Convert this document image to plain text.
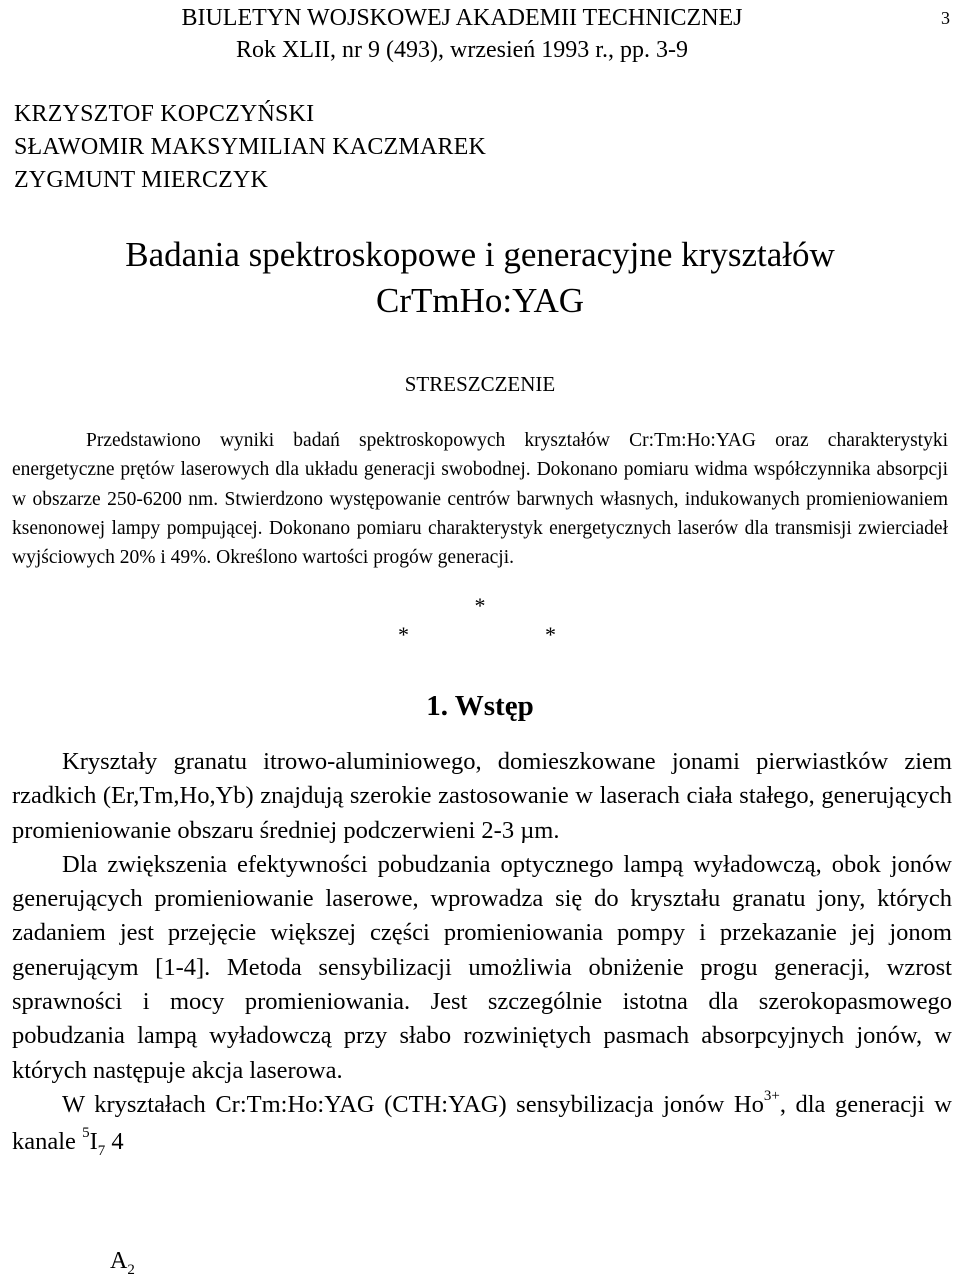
BIULETYN WOJSKOWEJ AKADEMII TECHNICZNEJ
Rok XLII, nr 9 (493), wrzesień 1993 r., pp. 3-9
3
KRZYSZTOF KOPCZYŃSKI
SŁAWOMIR MAKSYMILIAN KACZMAREK
ZYGMUNT MIERCZYK
Badania spektroskopowe i generacyjne kryształów
CrTmHo:YAG
STRESZCZENIE

Przedstawiono wyniki badań spektroskopowych kryształów Cr:Tm:Ho:YAG oraz charakterystyki energetyczne prętów laserowych dla układu generacji swobodnej. Dokonano pomiaru widma współczynnika absorpcji w obszarze 250-6200 nm. Stwierdzono występowanie centrów barwnych własnych, indukowanych promieniowaniem ksenonowej lampy pompującej. Dokonano pomiaru charakterystyk energetycznych laserów dla transmisji zwierciadeł wyjściowych 20% i 49%. Określono wartości progów generacji.

*
*	*
1. Wstęp

Kryształy granatu itrowo-aluminiowego, domieszkowane jonami pierwiastków ziem rzadkich (Er,Tm,Ho,Yb) znajdują szerokie zastosowanie w laserach ciała stałego, generujących promieniowanie obszaru średniej podczerwieni 2-3 µm.

Dla zwiększenia efektywności pobudzania optycznego lampą wyładowczą, obok jonów generujących promieniowanie laserowe, wprowadza się do kryształu granatu jony, których zadaniem jest przejęcie większej części promieniowania pompy i przekazanie jej jonom generującym [1-4]. Metoda sensybilizacji umożliwia obniżenie progu generacji, wzrost sprawności i mocy promieniowania. Jest szczególnie istotna dla szerokopasmowego pobudzania lampą wyładowczą przy słabo rozwiniętych pasmach absorpcyjnych jonów, w których następuje akcja laserowa.

W kryształach Cr:Tm:Ho:YAG (CTH:YAG) sensybilizacja jonów $Ho^{3+}$, dla generacji w kanale $^5I_7$ 4

$A_2$
